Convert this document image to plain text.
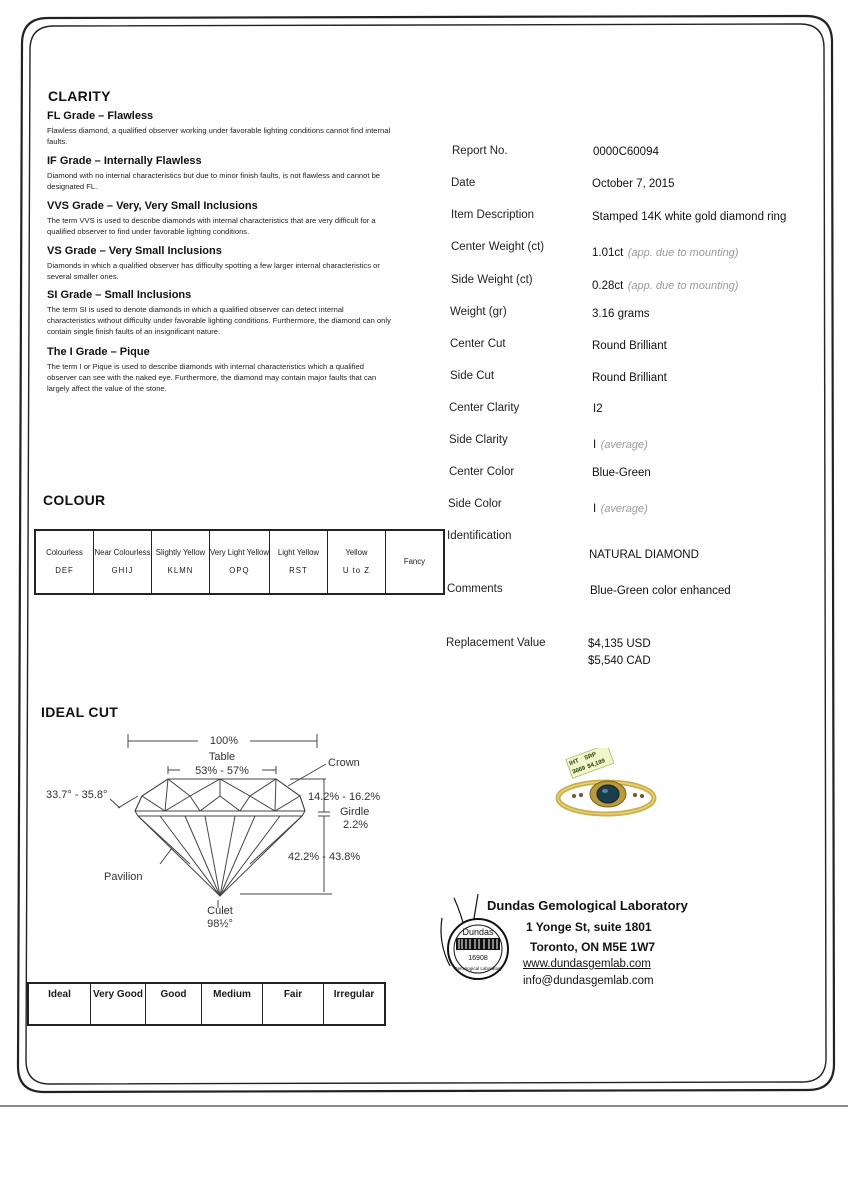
CLARITY
FL Grade – Flawless
Flawless diamond, a qualified observer working under favorable lighting conditions cannot find internal faults.
IF Grade – Internally Flawless
Diamond with no internal characteristics but due to minor finish faults, is not flawless and cannot be designated FL.
VVS Grade – Very, Very Small Inclusions
The term VVS is used to describe diamonds with internal characteristics that are very difficult for a qualified observer to find under favorable lighting conditions.
VS Grade – Very Small Inclusions
Diamonds in which a qualified observer has difficulty spotting a few larger internal characteristics or several smaller ones.
SI Grade – Small Inclusions
The term SI is used to denote diamonds in which a qualified observer can detect internal characteristics without difficulty under favorable lighting conditions. Furthermore, the diamond can only contain single finish faults of an insignificant nature.
The I Grade – Pique
The term I or Pique is used to describe diamonds with internal characteristics which a qualified observer can see with the naked eye. Furthermore, the diamond may contain major faults that can largely affect the value of the stone.
COLOUR
Colourless
DEF

Near Colourless
GHIJ

Slightly Yellow
KLMN

Very Light Yellow
OPQ

Light Yellow
RST

Yellow
U to Z

Fancy
IDEAL CUT
100%
Table
53% - 57%
Crown
33.7° - 35.8°	14.2% - 16.2%
Girdle
2.2%
42.2% - 43.8%
Pavilion
Culet
98½°
Ideal	Very Good	Good	Medium	Fair	Irregular
Report No.	0000C60094
Date	October 7, 2015
Item Description	Stamped 14K white gold diamond ring
Center Weight (ct)	1.01ct (app. due to mounting)
Side Weight (ct)	0.28ct (app. due to mounting)
Weight (gr)	3.16 grams
Center Cut	Round Brilliant
Side Cut	Round Brilliant
Center Clarity	I2
Side Clarity	I (average)
Center Color	Blue-Green
Side Color	I (average)
Identification
NATURAL DIAMOND
Comments	Blue-Green color enhanced
Replacement Value	$4,135 USD
$5,540 CAD
IHT
3669
SRP
$4,199
Dundas
16908
Gemological Laboratory
Dundas Gemological Laboratory
1 Yonge St, suite 1801
Toronto, ON M5E 1W7
www.dundasgemlab.com
info@dundasgemlab.com
